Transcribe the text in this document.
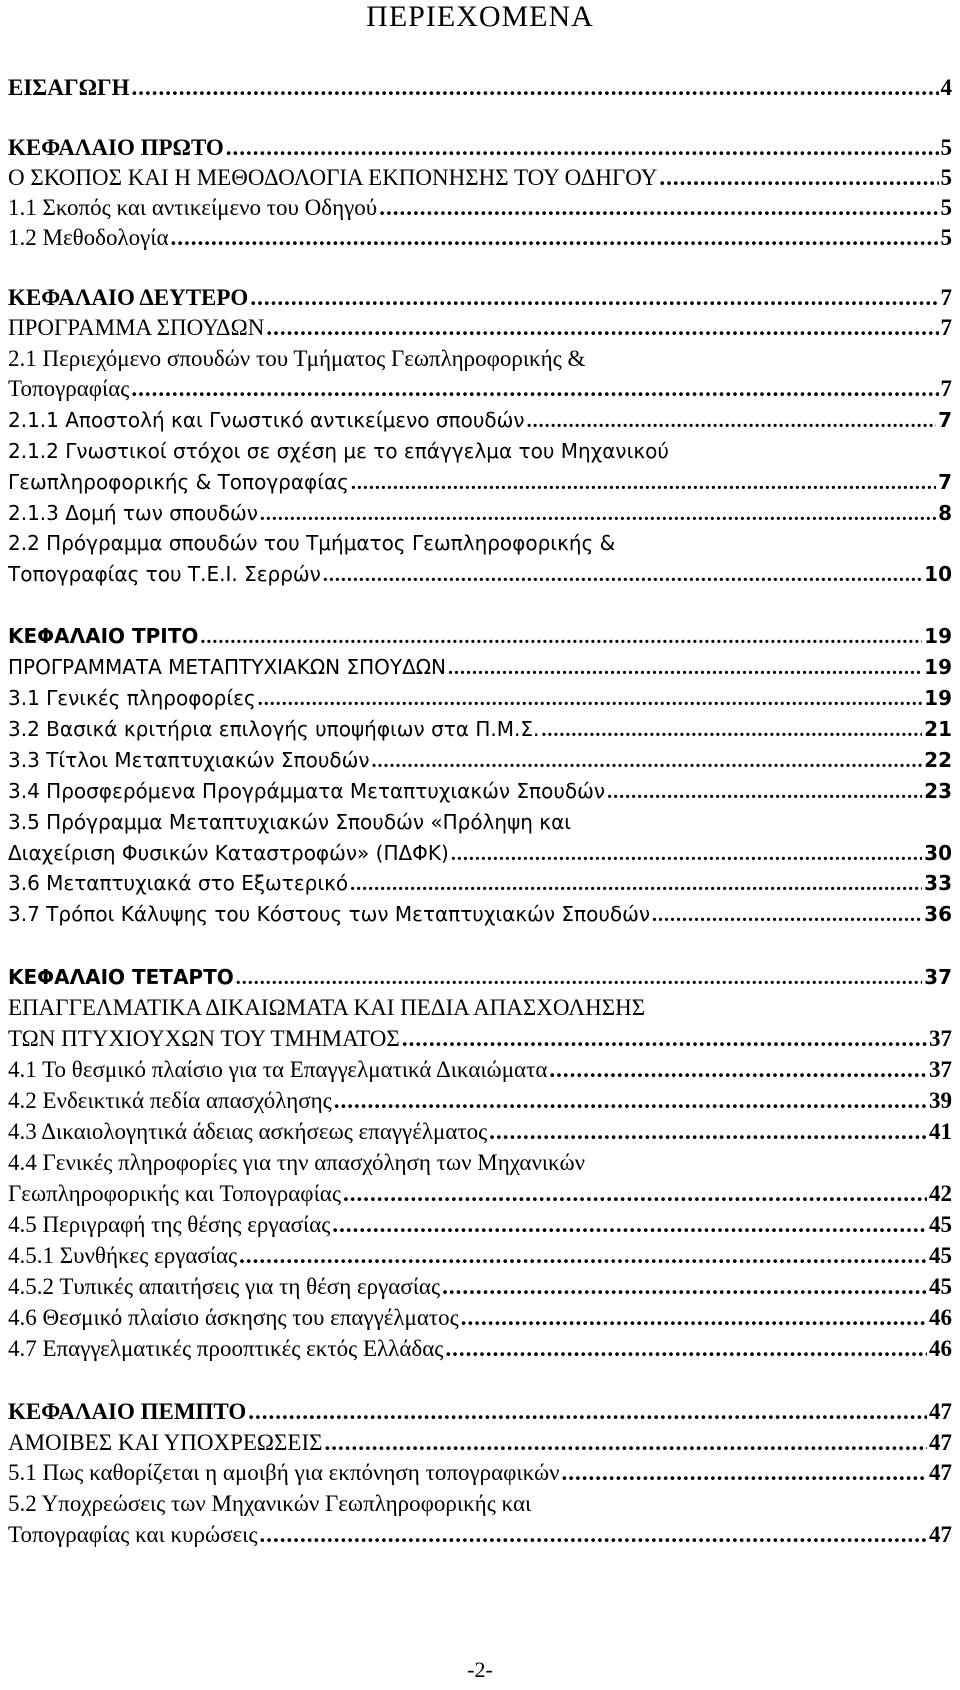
ΠΕΡΙΕΧΟΜΕΝΑ
ΕΙΣΑΓΩΓΗ .....	4
ΚΕΦΑΛΑΙΟ ΠΡΩΤΟ .....	5
Ο ΣΚΟΠΟΣ ΚΑΙ Η ΜΕΘΟΔΟΛΟΓΙΑ ΕΚΠΟΝΗΣΗΣ ΤΟΥ ΟΔΗΓΟΥ .....	5
1.1 Σκοπός και αντικείμενο του Οδηγού .....	5
1.2 Μεθοδολογία .....	5
ΚΕΦΑΛΑΙΟ ΔΕΥΤΕΡΟ .....	7
ΠΡΟΓΡΑΜΜΑ ΣΠΟΥΔΩΝ .....	7
2.1 Περιεχόμενο σπουδών του Τμήματος Γεωπληροφορικής &
Τοπογραφίας .....	7
2.1.1 Αποστολή και Γνωστικό αντικείμενο σπουδών .....	7
2.1.2 Γνωστικοί στόχοι σε σχέση με το επάγγελμα του Μηχανικού
Γεωπληροφορικής & Τοπογραφίας .....	7
2.1.3 Δομή των σπουδών .....	8
2.2 Πρόγραμμα σπουδών του Τμήματος Γεωπληροφορικής &
Τοπογραφίας του Τ.Ε.Ι. Σερρών .....	10
ΚΕΦΑΛΑΙΟ ΤΡΙΤΟ .....	19
ΠΡΟΓΡΑΜΜΑΤΑ ΜΕΤΑΠΤΥΧΙΑΚΩΝ ΣΠΟΥΔΩΝ .....	19
3.1 Γενικές πληροφορίες .....	19
3.2 Βασικά κριτήρια επιλογής υποψήφιων στα Π.Μ.Σ. .....	21
3.3 Τίτλοι Μεταπτυχιακών Σπουδών .....	22
3.4 Προσφερόμενα Προγράμματα Μεταπτυχιακών Σπουδών .....	23
3.5 Πρόγραμμα Μεταπτυχιακών Σπουδών «Πρόληψη και
Διαχείριση Φυσικών Καταστροφών» (ΠΔΦΚ) .....	30
3.6 Μεταπτυχιακά στο Εξωτερικό .....	33
3.7 Τρόποι Κάλυψης του Κόστους των Μεταπτυχιακών Σπουδών .....	36
ΚΕΦΑΛΑΙΟ ΤΕΤΑΡΤΟ .....	37
ΕΠΑΓΓΕΛΜΑΤΙΚΑ ΔΙΚΑΙΩΜΑΤΑ ΚΑΙ ΠΕΔΙΑ ΑΠΑΣΧΟΛΗΣΗΣ
ΤΩΝ ΠΤΥΧΙΟΥΧΩΝ ΤΟΥ ΤΜΗΜΑΤΟΣ .....	37
4.1 Το θεσμικό πλαίσιο για τα Επαγγελματικά Δικαιώματα .....	37
4.2 Ενδεικτικά πεδία απασχόλησης .....	39
4.3 Δικαιολογητικά άδειας ασκήσεως επαγγέλματος .....	41
4.4 Γενικές πληροφορίες για την απασχόληση των Μηχανικών
Γεωπληροφορικής και Τοπογραφίας .....	42
4.5 Περιγραφή της θέσης εργασίας .....	45
4.5.1 Συνθήκες εργασίας .....	45
4.5.2 Τυπικές απαιτήσεις για τη θέση εργασίας .....	45
4.6 Θεσμικό πλαίσιο άσκησης του επαγγέλματος .....	46
4.7 Επαγγελματικές προοπτικές εκτός Ελλάδας .....	46
ΚΕΦΑΛΑΙΟ ΠΕΜΠΤΟ .....	47
ΑΜΟΙΒΕΣ ΚΑΙ ΥΠΟΧΡΕΩΣΕΙΣ .....	47
5.1 Πως καθορίζεται η αμοιβή για εκπόνηση τοπογραφικών .....	47
5.2 Υποχρεώσεις των Μηχανικών Γεωπληροφορικής και
Τοπογραφίας και κυρώσεις .....	47
-2-
